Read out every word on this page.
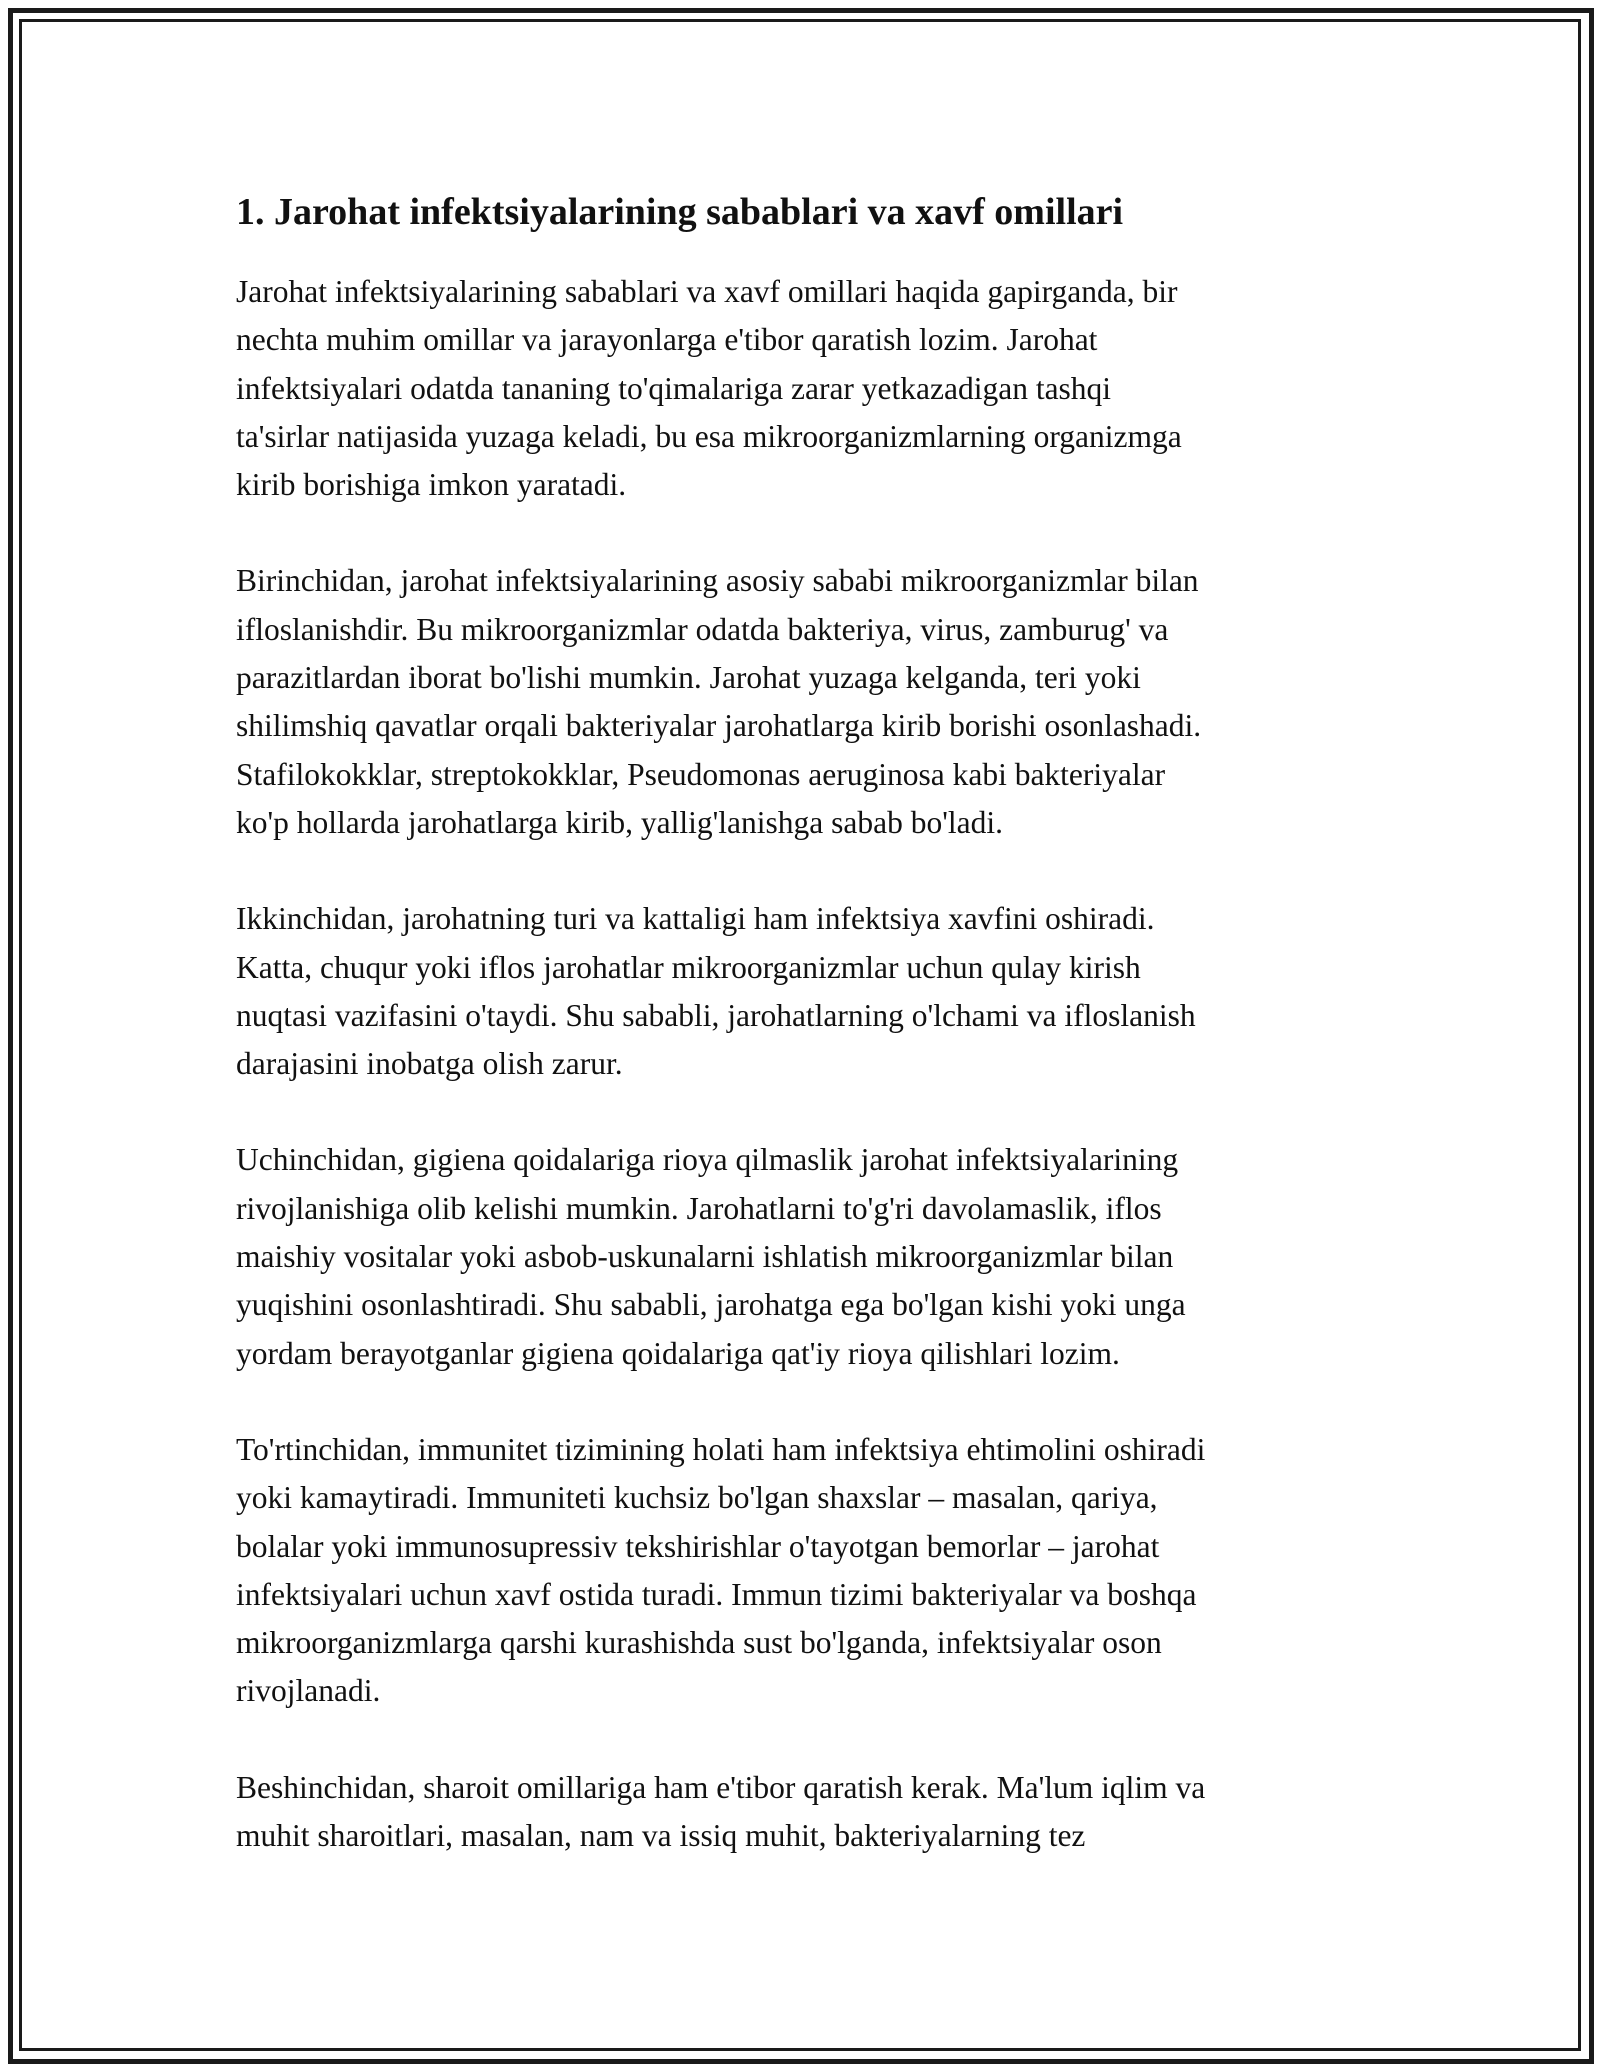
1. Jarohat infektsiyalarining sabablari va xavf omillari

Jarohat infektsiyalarining sabablari va xavf omillari haqida gapirganda, bir
nechta muhim omillar va jarayonlarga e'tibor qaratish lozim. Jarohat
infektsiyalari odatda tananing to'qimalariga zarar yetkazadigan tashqi
ta'sirlar natijasida yuzaga keladi, bu esa mikroorganizmlarning organizmga
kirib borishiga imkon yaratadi.

Birinchidan, jarohat infektsiyalarining asosiy sababi mikroorganizmlar bilan
ifloslanishdir. Bu mikroorganizmlar odatda bakteriya, virus, zamburug' va
parazitlardan iborat bo'lishi mumkin. Jarohat yuzaga kelganda, teri yoki
shilimshiq qavatlar orqali bakteriyalar jarohatlarga kirib borishi osonlashadi.
Stafilokokklar, streptokokklar, Pseudomonas aeruginosa kabi bakteriyalar
ko'p hollarda jarohatlarga kirib, yallig'lanishga sabab bo'ladi.

Ikkinchidan, jarohatning turi va kattaligi ham infektsiya xavfini oshiradi.
Katta, chuqur yoki iflos jarohatlar mikroorganizmlar uchun qulay kirish
nuqtasi vazifasini o'taydi. Shu sababli, jarohatlarning o'lchami va ifloslanish
darajasini inobatga olish zarur.

Uchinchidan, gigiena qoidalariga rioya qilmaslik jarohat infektsiyalarining
rivojlanishiga olib kelishi mumkin. Jarohatlarni to'g'ri davolamaslik, iflos
maishiy vositalar yoki asbob-uskunalarni ishlatish mikroorganizmlar bilan
yuqishini osonlashtiradi. Shu sababli, jarohatga ega bo'lgan kishi yoki unga
yordam berayotganlar gigiena qoidalariga qat'iy rioya qilishlari lozim.

To'rtinchidan, immunitet tizimining holati ham infektsiya ehtimolini oshiradi
yoki kamaytiradi. Immuniteti kuchsiz bo'lgan shaxslar – masalan, qariya,
bolalar yoki immunosupressiv tekshirishlar o'tayotgan bemorlar – jarohat
infektsiyalari uchun xavf ostida turadi. Immun tizimi bakteriyalar va boshqa
mikroorganizmlarga qarshi kurashishda sust bo'lganda, infektsiyalar oson
rivojlanadi.

Beshinchidan, sharoit omillariga ham e'tibor qaratish kerak. Ma'lum iqlim va
muhit sharoitlari, masalan, nam va issiq muhit, bakteriyalarning tez
